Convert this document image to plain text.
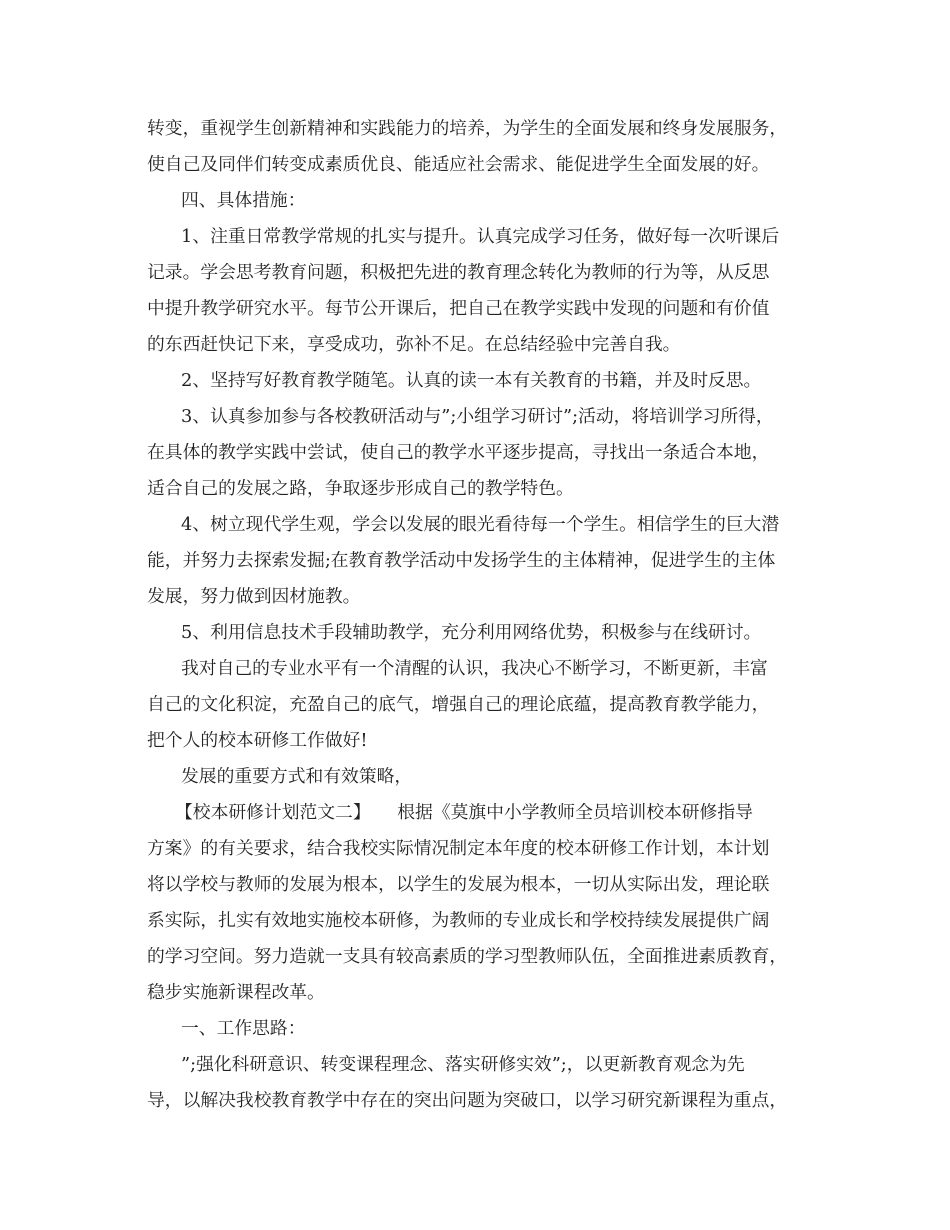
转变，重视学生创新精神和实践能力的培养，为学生的全面发展和终身发展服务，
使自己及同伴们转变成素质优良、能适应社会需求、能促进学生全面发展的好。
四、具体措施：
1、注重日常教学常规的扎实与提升。认真完成学习任务，做好每一次听课后
记录。学会思考教育问题，积极把先进的教育理念转化为教师的行为等，从反思
中提升教学研究水平。每节公开课后，把自己在教学实践中发现的问题和有价值
的东西赶快记下来，享受成功，弥补不足。在总结经验中完善自我。
2、坚持写好教育教学随笔。认真的读一本有关教育的书籍，并及时反思。
3、认真参加参与各校教研活动与”;小组学习研讨”;活动，将培训学习所得，
在具体的教学实践中尝试，使自己的教学水平逐步提高，寻找出一条适合本地，
适合自己的发展之路，争取逐步形成自己的教学特色。
4、树立现代学生观，学会以发展的眼光看待每一个学生。相信学生的巨大潜
能，并努力去探索发掘;在教育教学活动中发扬学生的主体精神，促进学生的主体
发展，努力做到因材施教。
5、利用信息技术手段辅助教学，充分利用网络优势，积极参与在线研讨。
我对自己的专业水平有一个清醒的认识，我决心不断学习，不断更新，丰富
自己的文化积淀，充盈自己的底气，增强自己的理论底蕴，提高教育教学能力，
把个人的校本研修工作做好!
发展的重要方式和有效策略，
【校本研修计划范文二】　　根据《莫旗中小学教师全员培训校本研修指导
方案》的有关要求，结合我校实际情况制定本年度的校本研修工作计划，本计划
将以学校与教师的发展为根本，以学生的发展为根本，一切从实际出发，理论联
系实际，扎实有效地实施校本研修，为教师的专业成长和学校持续发展提供广阔
的学习空间。努力造就一支具有较高素质的学习型教师队伍，全面推进素质教育，
稳步实施新课程改革。
一、工作思路：
”;强化科研意识、转变课程理念、落实研修实效”;，以更新教育观念为先
导，以解决我校教育教学中存在的突出问题为突破口，以学习研究新课程为重点，
